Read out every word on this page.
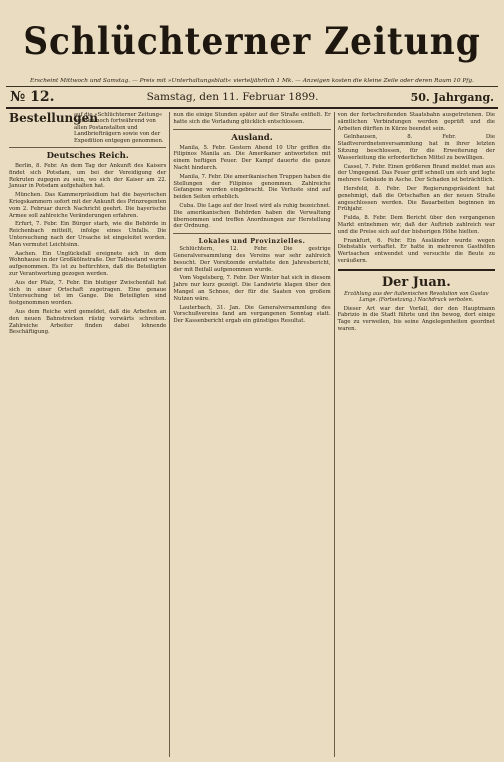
Schlüchterner Zeitung
Erscheint Mittwoch und Samstag. — Preis mit »Unterhaltungsblatt« vierteljährlich 1 Mk. — Anzeigen kosten die kleine Zeile oder deren Raum 10 Pfg.
№ 12.	Samstag, den 11. Februar 1899.	50. Jahrgang.
Bestellungen
auf die »Schlüchterner Zeitung« werden noch fortwährend von allen Postanstalten und Landbriefträgern sowie von der Expedition entgegen genommen.
Deutsches Reich.

Berlin, 8. Febr. An dem Tag der Ankunft des Kaisers findet sich Potsdam, um bei der Vereidigung der Rekruten zugegen zu sein, wo sich der Kaiser am 22. Januar in Potsdam aufgehalten hat.

München. Das Kammerpräsidium hat die bayerischen Kriegskammern sofort mit der Ankunft des Prinzregenten vom 2. Februar durch Nachricht geehrt. Die bayerische Armee soll zahlreiche Veränderungen erfahren.

Erfurt, 7. Febr. Ein Bürger starb, wie die Behörde in Reichenbach mitteilt, infolge eines Unfalls. Die Untersuchung nach der Ursache ist eingeleitet worden. Man vermutet Leichtsinn.

Aachen. Ein Unglücksfall ereignete sich in dem Wohnhause in der Großkölnstraße. Der Tatbestand wurde aufgenommen. Es ist zu befürchten, daß die Beteiligten zur Verantwortung gezogen werden.

Aus der Pfalz, 7. Febr. Ein blutiger Zwischenfall hat sich in einer Ortschaft zugetragen. Eine genaue Untersuchung ist im Gange. Die Beteiligten sind festgenommen worden.

Aus dem Reiche wird gemeldet, daß die Arbeiten an den neuen Bahnstrecken rüstig vorwärts schreiten. Zahlreiche Arbeiter finden dabei lohnende Beschäftigung.

nun die einige Stunden später auf der Straße entfielt. Er hatte sich die Vorladung glücklich entschlossen.

Ausland.

Manila, 5. Febr. Gestern Abend 10 Uhr griffen die Filipinos Manila an. Die Amerikaner antworteten mit einem heftigen Feuer. Der Kampf dauerte die ganze Nacht hindurch.

Manila, 7. Febr. Die amerikanischen Truppen haben die Stellungen der Filipinos genommen. Zahlreiche Gefangene wurden eingebracht. Die Verluste sind auf beiden Seiten erheblich.

Cuba. Die Lage auf der Insel wird als ruhig bezeichnet. Die amerikanischen Behörden haben die Verwaltung übernommen und treffen Anordnungen zur Herstellung der Ordnung.

Lokales und Provinzielles.

Schlüchtern, 12. Febr. Die gestrige Generalversammlung des Vereins war sehr zahlreich besucht. Der Vorsitzende erstattete den Jahresbericht, der mit Beifall aufgenommen wurde.

Vom Vogelsberg, 7. Febr. Der Winter hat sich in diesem Jahre nur kurz gezeigt. Die Landwirte klagen über den Mangel an Schnee, der für die Saaten von großem Nutzen wäre.

Lauterbach, 31. Jan. Die Generalversammlung des Vorschußvereins fand am vergangenen Sonntag statt. Der Kassenbericht ergab ein günstiges Resultat.

von der fortschreitenden Staatsbahn ausgetretenen. Die sämtlichen Verbindungen werden geprüft und die Arbeiten dürften in Kürze beendet sein.

Gelnhausen, 8. Febr. Die Stadtverordnetenversammlung hat in ihrer letzten Sitzung beschlossen, für die Erweiterung der Wasserleitung die erforderlichen Mittel zu bewilligen.

Cassel, 7. Febr. Einen größeren Brand meldet man aus der Umgegend. Das Feuer griff schnell um sich und legte mehrere Gebäude in Asche. Der Schaden ist beträchtlich.

Hersfeld, 8. Febr. Der Regierungspräsident hat genehmigt, daß die Ortschaften an der neuen Straße angeschlossen werden. Die Bauarbeiten beginnen im Frühjahr.

Fulda, 8. Febr. Dem Bericht über den vergangenen Markt entnehmen wir, daß der Auftrieb zahlreich war und die Preise sich auf der bisherigen Höhe hielten.

Frankfurt, 6. Febr. Ein Ausländer wurde wegen Diebstahls verhaftet. Er hatte in mehreren Gasthöfen Wertsachen entwendet und versuchte die Beute zu veräußern.

Der Juan.
Erzählung aus der italienischen Revolution von Gustav Lange. (Fortsetzung.) Nachdruck verboten.

Dieser Art war der Vorfall, der den Hauptmann Fabrizio in die Stadt führte und ihn bewog, dort einige Tage zu verweilen, bis seine Angelegenheiten geordnet waren.
